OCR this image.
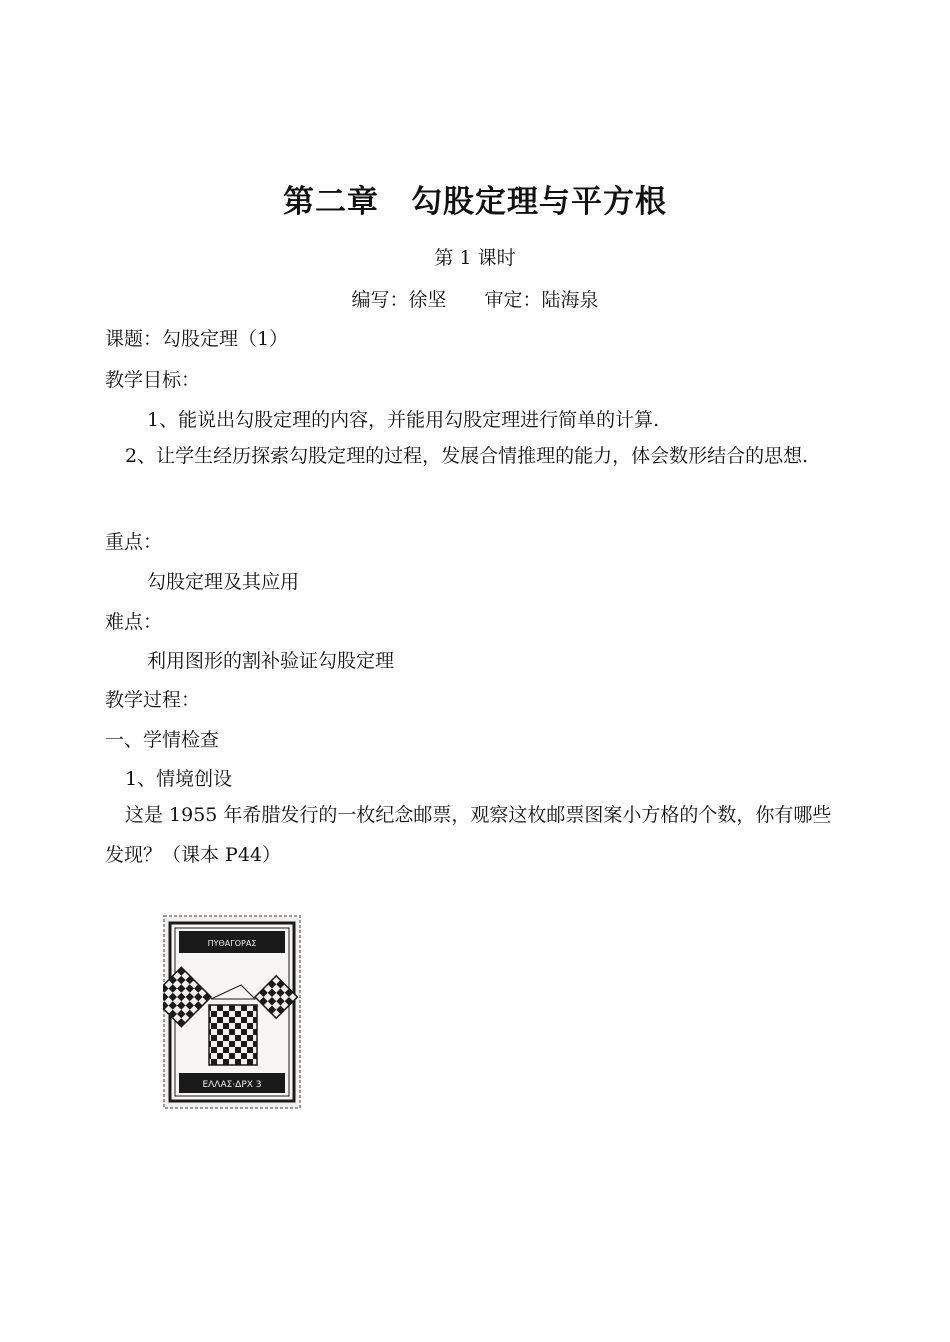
第二章　勾股定理与平方根
第 1 课时
编写：徐坚　　审定：陆海泉
课题：勾股定理（1）
教学目标：
1、能说出勾股定理的内容，并能用勾股定理进行简单的计算.
2、让学生经历探索勾股定理的过程，发展合情推理的能力，体会数形结合的思想.
重点：
勾股定理及其应用
难点：
利用图形的割补验证勾股定理
教学过程：
一、学情检查
1、情境创设
这是 1955 年希腊发行的一枚纪念邮票，观察这枚邮票图案小方格的个数，你有哪些发现？（课本 P44）
ΠΥΘΑΓΟΡΑΣ
ΕΛΛΑΣ·ΔΡΧ 3
